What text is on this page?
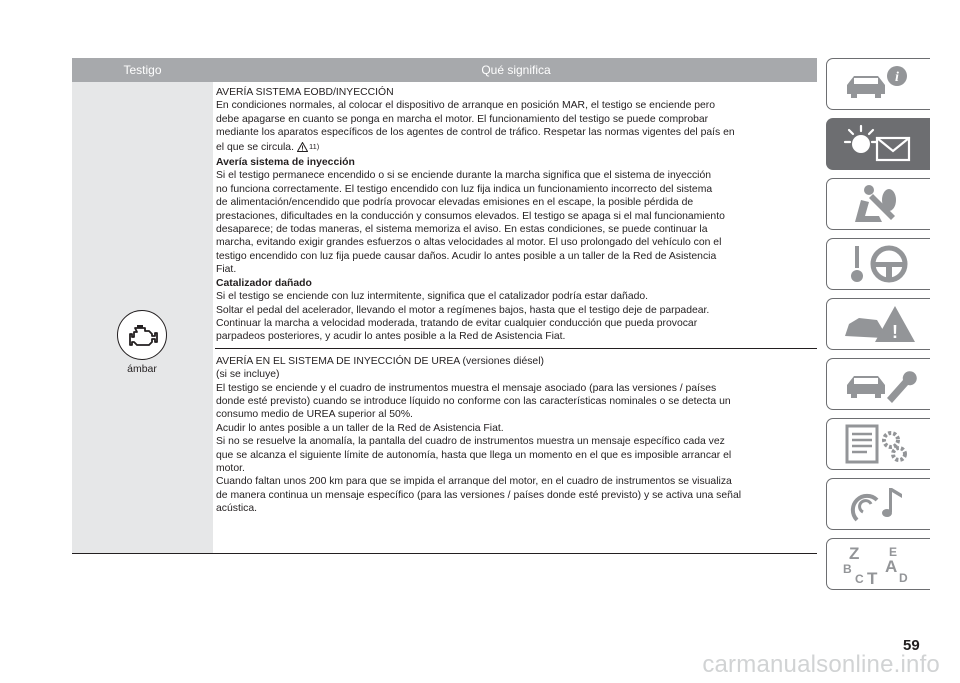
Testigo	Qué significa
ámbar
AVERÍA SISTEMA EOBD/INYECCIÓN
En condiciones normales, al colocar el dispositivo de arranque en posición MAR, el testigo se enciende pero
debe apagarse en cuanto se ponga en marcha el motor. El funcionamiento del testigo se puede comprobar
mediante los aparatos específicos de los agentes de control de tráfico. Respetar las normas vigentes del país en
el que se circula. 11)
Avería sistema de inyección
Si el testigo permanece encendido o si se enciende durante la marcha significa que el sistema de inyección
no funciona correctamente. El testigo encendido con luz fija indica un funcionamiento incorrecto del sistema
de alimentación/encendido que podría provocar elevadas emisiones en el escape, la posible pérdida de
prestaciones, dificultades en la conducción y consumos elevados. El testigo se apaga si el mal funcionamiento
desaparece; de todas maneras, el sistema memoriza el aviso. En estas condiciones, se puede continuar la
marcha, evitando exigir grandes esfuerzos o altas velocidades al motor. El uso prolongado del vehículo con el
testigo encendido con luz fija puede causar daños. Acudir lo antes posible a un taller de la Red de Asistencia
Fiat.
Catalizador dañado
Si el testigo se enciende con luz intermitente, significa que el catalizador podría estar dañado.
Soltar el pedal del acelerador, llevando el motor a regímenes bajos, hasta que el testigo deje de parpadear.
Continuar la marcha a velocidad moderada, tratando de evitar cualquier conducción que pueda provocar
parpadeos posteriores, y acudir lo antes posible a la Red de Asistencia Fiat.
AVERÍA EN EL SISTEMA DE INYECCIÓN DE UREA (versiones diésel)
(si se incluye)
El testigo se enciende y el cuadro de instrumentos muestra el mensaje asociado (para las versiones / países
donde esté previsto) cuando se introduce líquido no conforme con las características nominales o se detecta un
consumo medio de UREA superior al 50%.
Acudir lo antes posible a un taller de la Red de Asistencia Fiat.
Si no se resuelve la anomalía, la pantalla del cuadro de instrumentos muestra un mensaje específico cada vez
que se alcanza el siguiente límite de autonomía, hasta que llega un momento en el que es imposible arrancar el
motor.
Cuando faltan unos 200 km para que se impida el arranque del motor, en el cuadro de instrumentos se visualiza
de manera continua un mensaje específico (para las versiones / países donde esté previsto) y se activa una señal
acústica.
i
!
Z E
A
B
C	D
T
59
carmanualsonline.info
